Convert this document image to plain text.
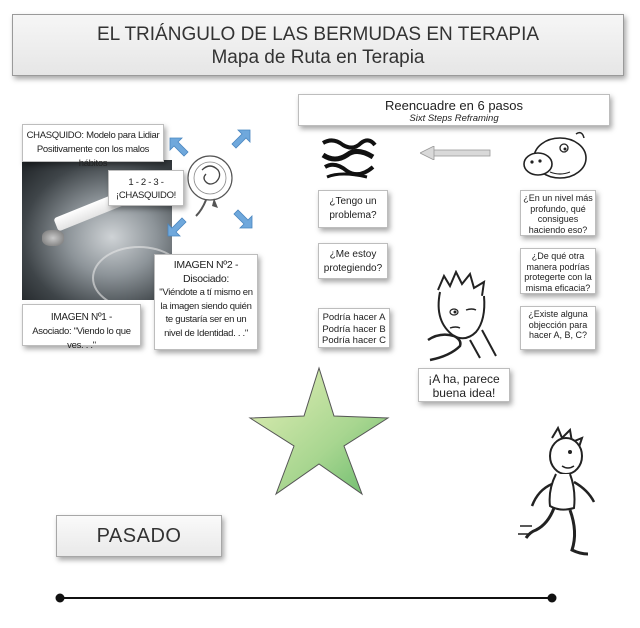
EL TRIÁNGULO DE LAS BERMUDAS EN TERAPIA
Mapa de Ruta en Terapia
CHASQUIDO: Modelo para Lidiar Positivamente con los malos hábitos
1 - 2 - 3 -
¡CHASQUIDO!
IMAGEN Nº1 -
Asociado: "Viendo lo que ves. . ."
IMAGEN Nº2 -
Disociado:
"Viéndote a tí mismo en la imagen siendo quién te gustaría ser en un nivel de Identidad. . ."
Reencuadre en 6 pasos
Sixt Steps Reframing
¿Tengo un problema?
¿Me estoy protegiendo?
Podría hacer A
Podría hacer B
Podría hacer C
¿En un nivel más profundo, qué consigues haciendo eso?
¿De qué otra manera podrías protegerte con la misma eficacia?
¿Existe alguna objección para hacer A, B, C?
¡A ha, parece buena idea!
PASADO
